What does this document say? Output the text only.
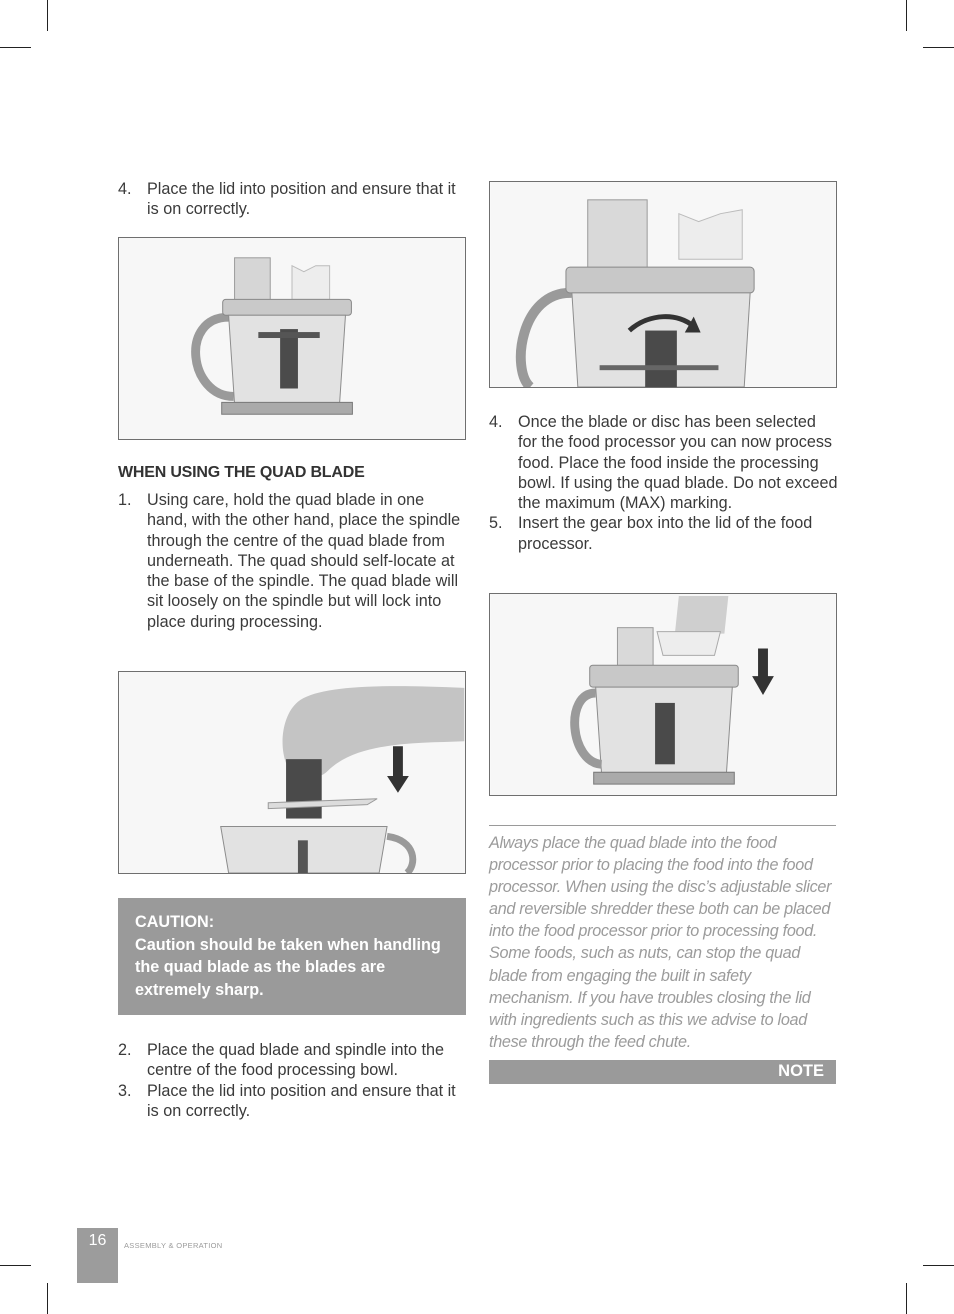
4. Place the lid into position and ensure that it is on correctly.
WHEN USING THE QUAD BLADE
1. Using care, hold the quad blade in one hand, with the other hand, place the spindle through the centre of the quad blade from underneath. The quad should self-locate at the base of the spindle. The quad blade will sit loosely on the spindle but will lock into place during processing.
CAUTION:
Caution should be taken when handling the quad blade as the blades are extremely sharp.
2. Place the quad blade and spindle into the centre of the food processing bowl.
3. Place the lid into position and ensure that it is on correctly.
4. Once the blade or disc has been selected for the food processor you can now process food. Place the food inside the processing bowl. If using the quad blade. Do not exceed the maximum (MAX) marking.
5. Insert the gear box into the lid of the food processor.
Always place the quad blade into the food processor prior to placing the food into the food processor. When using the disc’s adjustable slicer and reversible shredder these both can be placed into the food processor prior to processing food. Some foods, such as nuts, can stop the quad blade from engaging the built in safety mechanism. If you have troubles closing the lid with ingredients such as this we advise to load these through the feed chute.
NOTE
16	ASSEMBLY & OPERATION
